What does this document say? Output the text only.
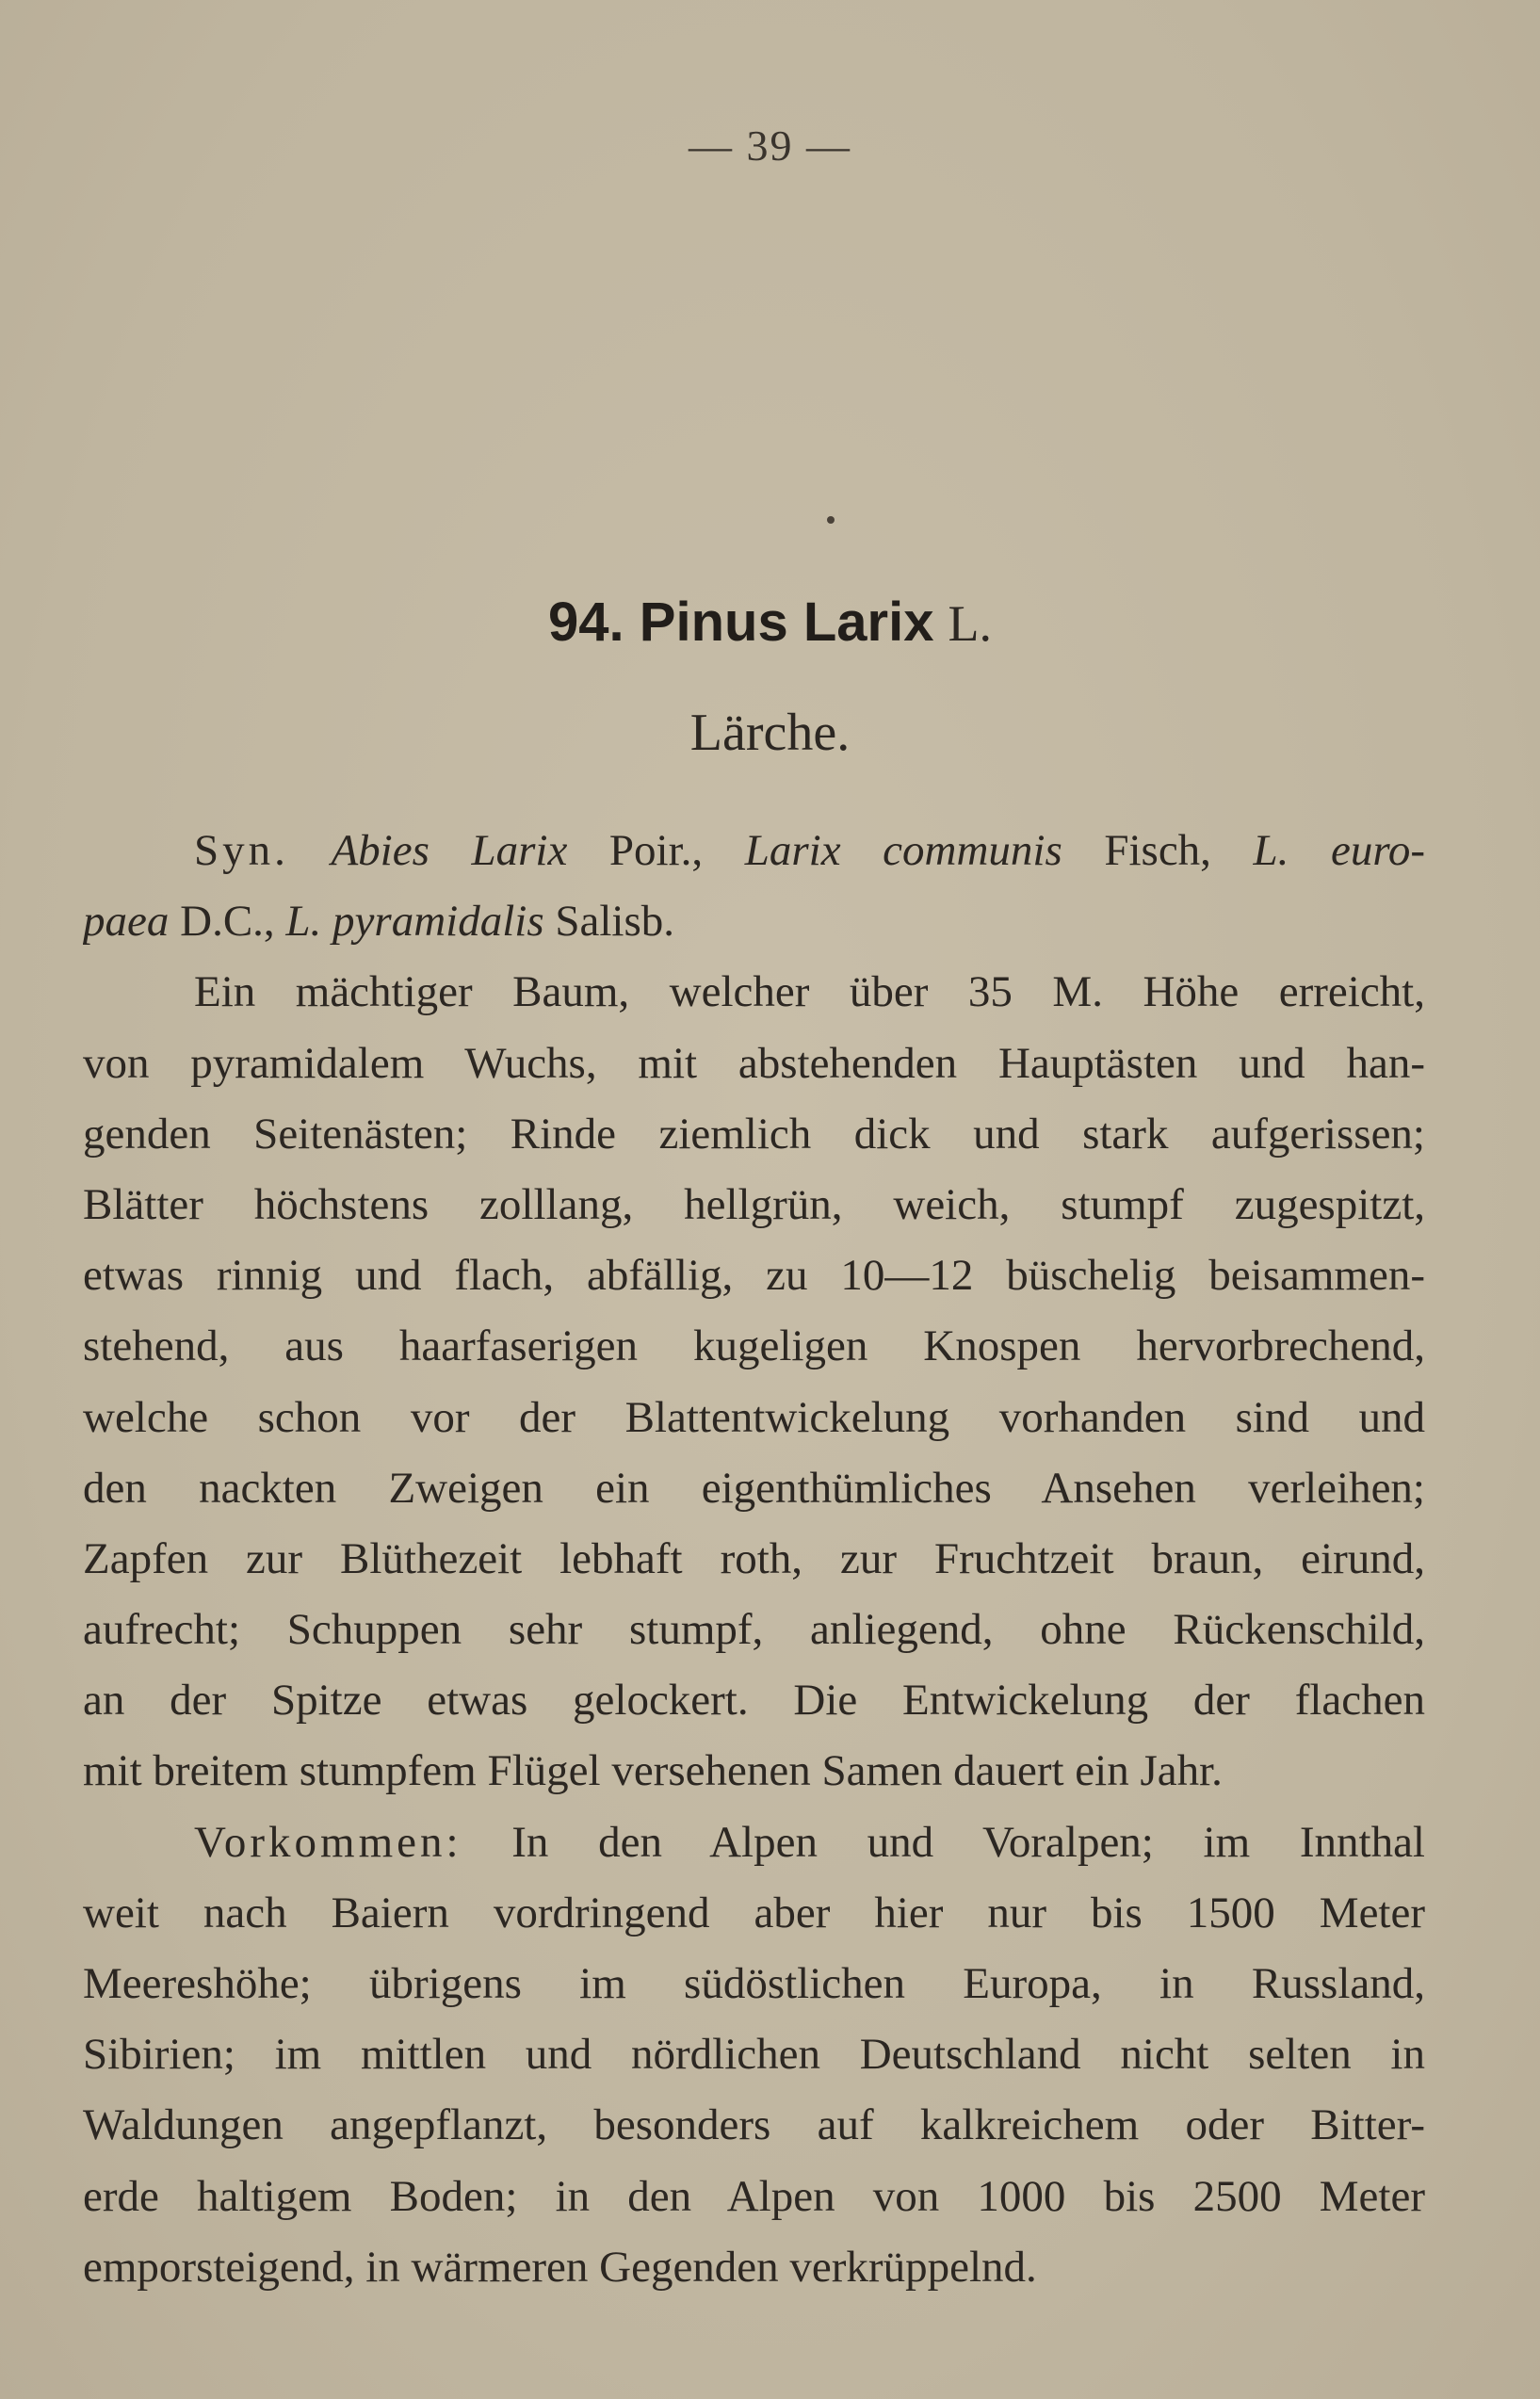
— 39 —
94. Pinus Larix L.
Lärche.
Syn. Abies Larix Poir., Larix communis Fisch, L. euro-
paea D.C., L. pyramidalis Salisb.
Ein mächtiger Baum, welcher über 35 M. Höhe erreicht,
von pyramidalem Wuchs, mit abstehenden Hauptästen und han-
genden Seitenästen; Rinde ziemlich dick und stark aufgerissen;
Blätter höchstens zolllang, hellgrün, weich, stumpf zugespitzt,
etwas rinnig und flach, abfällig, zu 10—12 büschelig beisammen-
stehend, aus haarfaserigen kugeligen Knospen hervorbrechend,
welche schon vor der Blattentwickelung vorhanden sind und
den nackten Zweigen ein eigenthümliches Ansehen verleihen;
Zapfen zur Blüthezeit lebhaft roth, zur Fruchtzeit braun, eirund,
aufrecht; Schuppen sehr stumpf, anliegend, ohne Rückenschild,
an der Spitze etwas gelockert. Die Entwickelung der flachen
mit breitem stumpfem Flügel versehenen Samen dauert ein Jahr.
Vorkommen: In den Alpen und Voralpen; im Innthal
weit nach Baiern vordringend aber hier nur bis 1500 Meter
Meereshöhe; übrigens im südöstlichen Europa, in Russland,
Sibirien; im mittlen und nördlichen Deutschland nicht selten in
Waldungen angepflanzt, besonders auf kalkreichem oder Bitter-
erde haltigem Boden; in den Alpen von 1000 bis 2500 Meter
emporsteigend, in wärmeren Gegenden verkrüppelnd.
